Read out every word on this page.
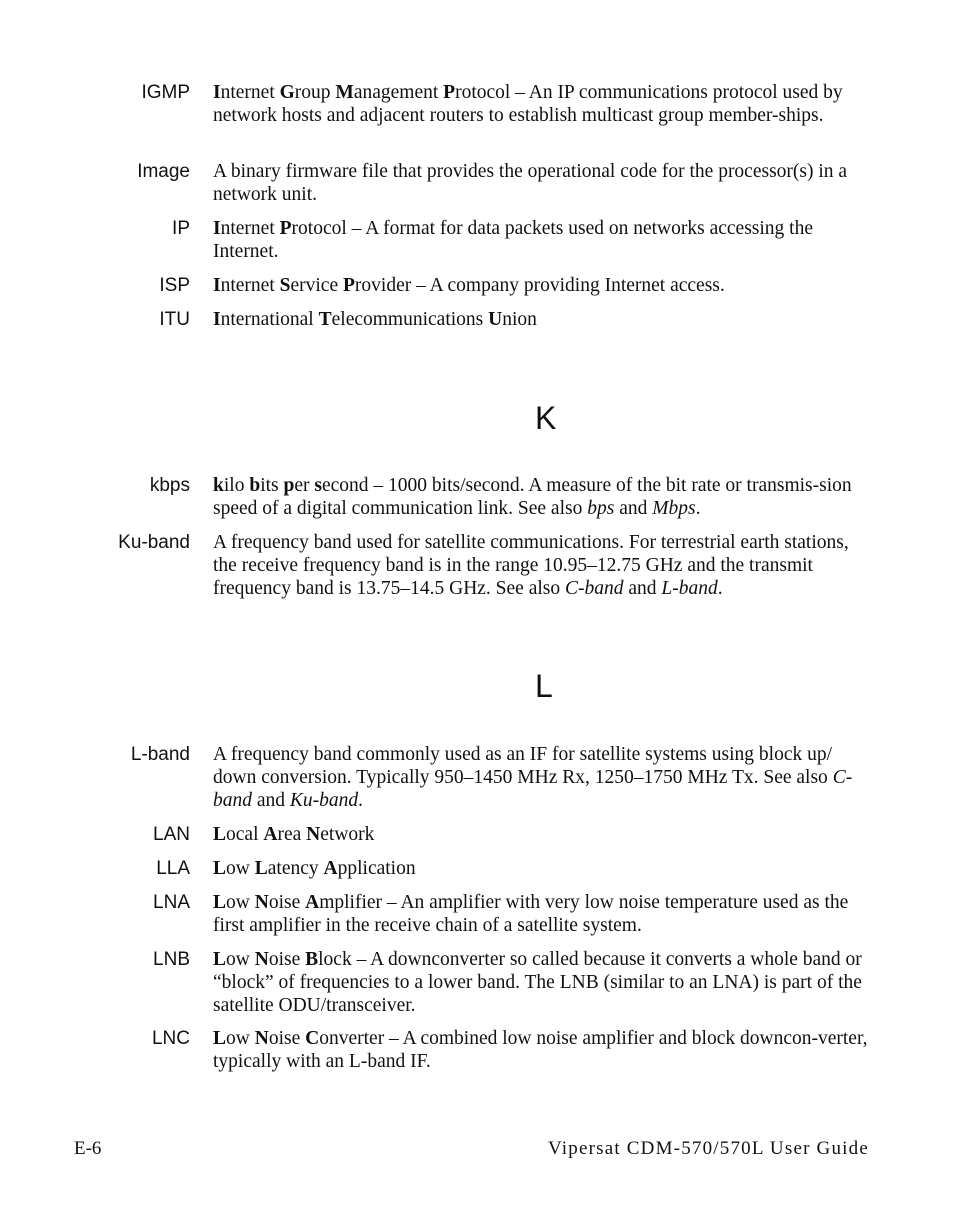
IGMP Internet Group Management Protocol – An IP communications protocol used by network hosts and adjacent routers to establish multicast group member-ships.
Image A binary firmware file that provides the operational code for the processor(s) in a network unit.
IP Internet Protocol – A format for data packets used on networks accessing the Internet.
ISP Internet Service Provider – A company providing Internet access.
ITU International Telecommunications Union
K
kbps kilo bits per second – 1000 bits/second. A measure of the bit rate or transmis-sion speed of a digital communication link. See also bps and Mbps.
Ku-band A frequency band used for satellite communications. For terrestrial earth stations, the receive frequency band is in the range 10.95–12.75 GHz and the transmit frequency band is 13.75–14.5 GHz. See also C-band and L-band.
L
L-band A frequency band commonly used as an IF for satellite systems using block up/ down conversion. Typically 950–1450 MHz Rx, 1250–1750 MHz Tx. See also C-band and Ku-band.
LAN Local Area Network
LLA Low Latency Application
LNA Low Noise Amplifier – An amplifier with very low noise temperature used as the first amplifier in the receive chain of a satellite system.
LNB Low Noise Block – A downconverter so called because it converts a whole band or “block” of frequencies to a lower band. The LNB (similar to an LNA) is part of the satellite ODU/transceiver.
LNC Low Noise Converter – A combined low noise amplifier and block downcon-verter, typically with an L-band IF.
E-6	Vipersat CDM-570/570L User Guide
